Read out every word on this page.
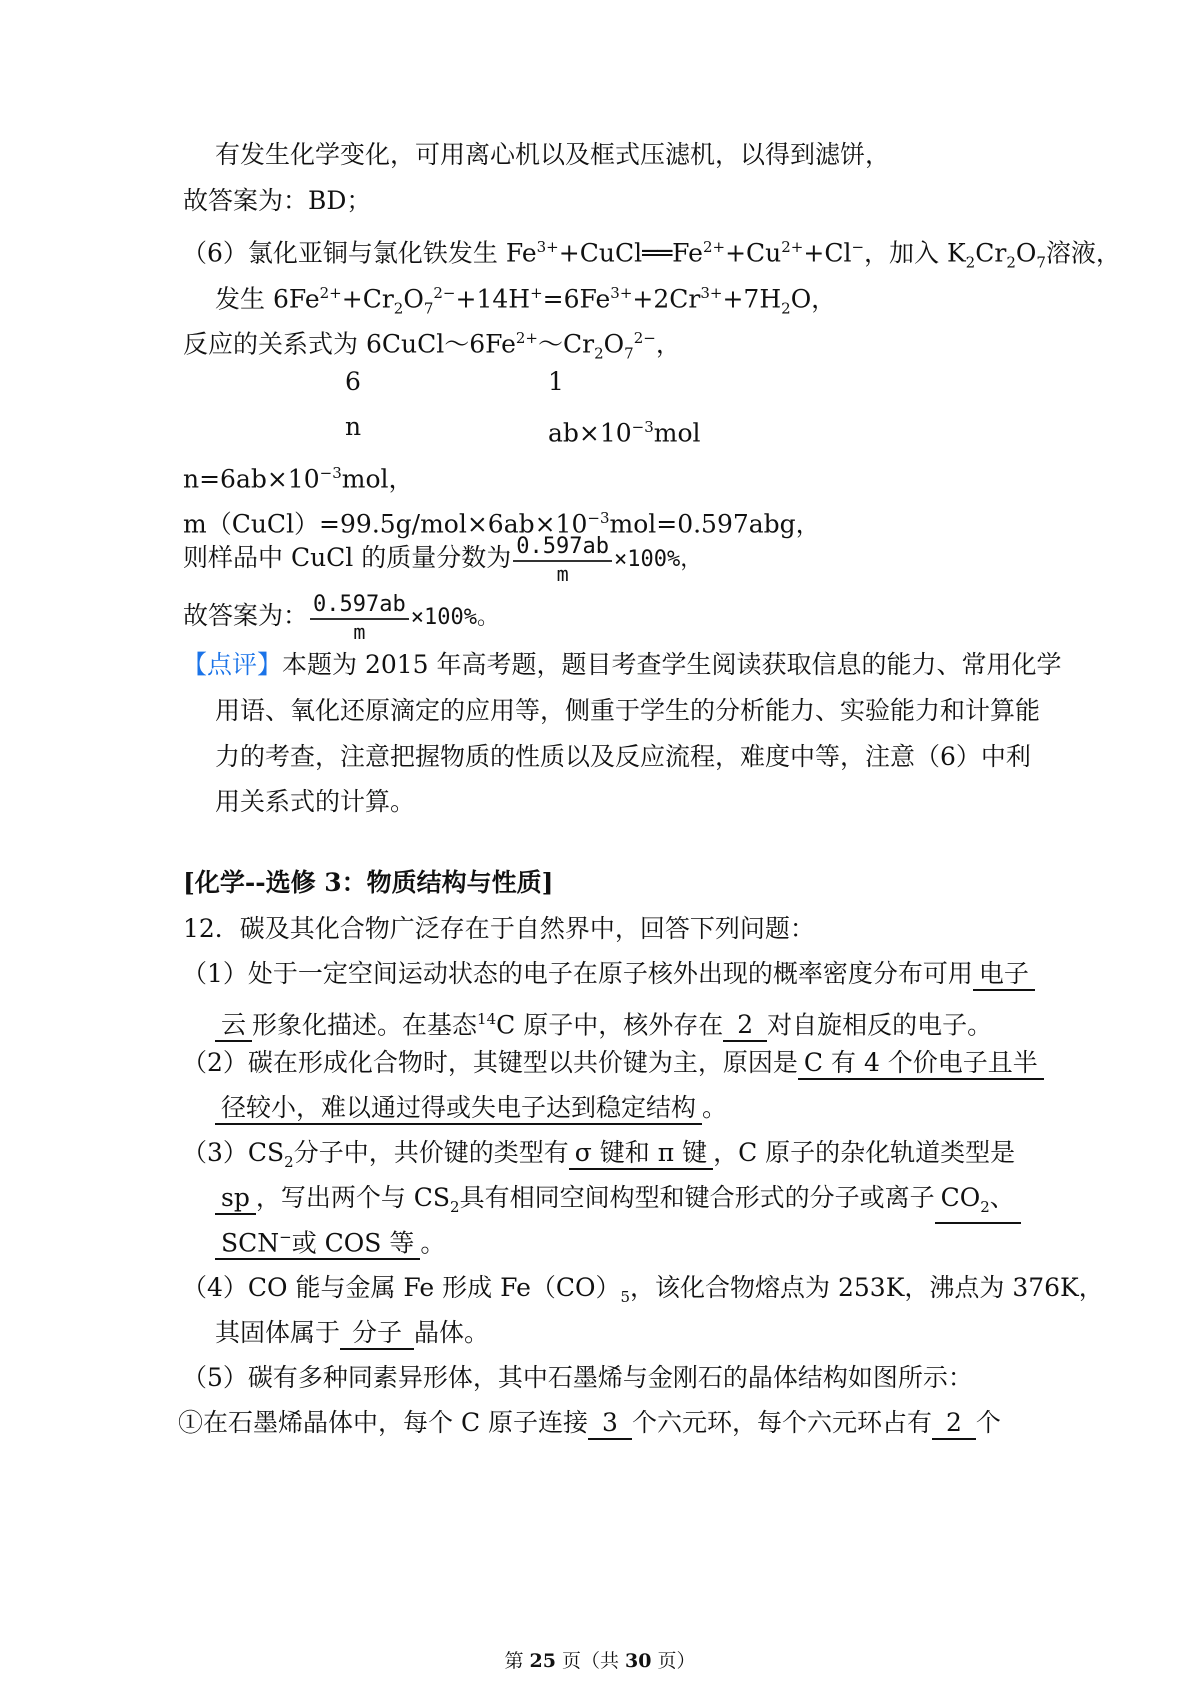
有发生化学变化，可用离心机以及框式压滤机，以得到滤饼，
故答案为：BD；
（6）氯化亚铜与氯化铁发生 $Fe^{3+}+CuCl══Fe^{2+}+Cu^{2+}+Cl^-$，加入 $K_2Cr_2O_7$溶液，
发生 $6Fe^{2+}+Cr_2O_7^{2-}+14H^+=6Fe^{3+}+2Cr^{3+}+7H_2O$，
反应的关系式为 $6CuCl\sim 6Fe^{2+}\sim Cr_2O_7^{2-}$，
6	1
n	$ab\times 10^{-3}mol$
$n=6ab\times 10^{-3}mol$，
$m(CuCl)=99.5g/mol\times 6ab\times 10^{-3}mol=0.597abg$，
则样品中 CuCl 的质量分数为 $\frac{0.597ab}{m} \times 100\%$，
故答案为： $\frac{0.597ab}{m} \times 100\%$。
【点评】本题为 2015 年高考题，题目考查学生阅读获取信息的能力、常用化学
用语、氧化还原滴定的应用等，侧重于学生的分析能力、实验能力和计算能
力的考查，注意把握物质的性质以及反应流程，难度中等，注意（6）中利
用关系式的计算。
[化学--选修 3：物质结构与性质]
12．碳及其化合物广泛存在于自然界中，回答下列问题：
（1）处于一定空间运动状态的电子在原子核外出现的概率密度分布可用 电子
云 形象化描述。在基态$^{14}$C 原子中，核外存在 2 对自旋相反的电子。
（2）碳在形成化合物时，其键型以共价键为主，原因是 C 有 4 个价电子且半
径较小，难以通过得或失电子达到稳定结构 。
$(3)CS_2$分子中，共价键的类型有 σ 键和 π 键 ，C 原子的杂化轨道类型是
sp ，写出两个与 $CS_2$具有相同空间构型和键合形式的分子或离子 $CO_2$、
SCN−或 COS 等 。
（4）CO 能与金属 Fe 形成 $Fe(CO)_5$，该化合物熔点为 253K，沸点为 376K，
其固体属于 分子 晶体。
（5）碳有多种同素异形体，其中石墨烯与金刚石的晶体结构如图所示：
①在石墨烯晶体中，每个 C 原子连接 3 个六元环，每个六元环占有 2 个
第 25 页（共 30 页）
